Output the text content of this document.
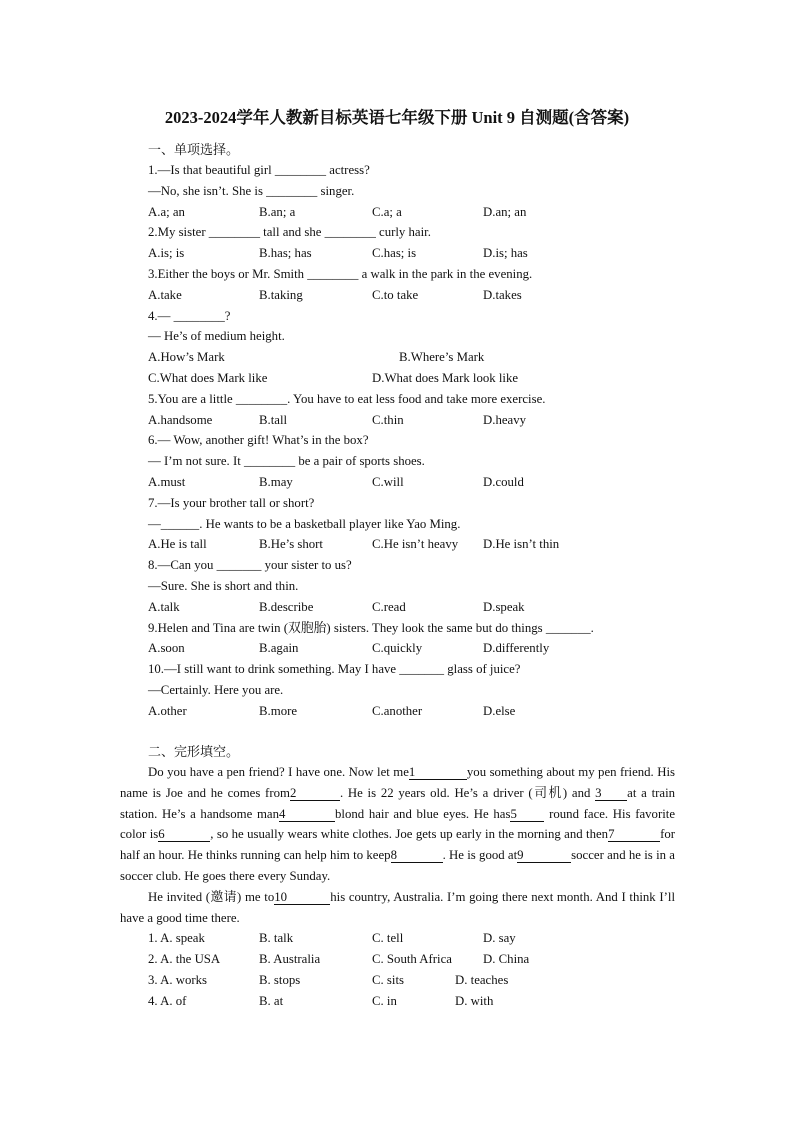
2023-2024学年人教新目标英语七年级下册 Unit 9 自测题(含答案)
一、单项选择。
1.—Is that beautiful girl ________ actress?
—No, she isn’t. She is ________ singer.
A.a; an	B.an; a	C.a; a	D.an; an
2.My sister ________ tall and she ________ curly hair.
A.is; is	B.has; has	C.has; is	D.is; has
3.Either the boys or Mr. Smith ________ a walk in the park in the evening.
A.take	B.taking	C.to take	D.takes
4.— ________?
— He’s of medium height.
A.How’s Mark	B.Where’s Mark
C.What does Mark like	D.What does Mark look like
5.You are a little ________. You have to eat less food and take more exercise.
A.handsome	B.tall	C.thin	D.heavy
6.— Wow, another gift! What’s in the box?
— I’m not sure. It ________ be a pair of sports shoes.
A.must	B.may	C.will	D.could
7.—Is your brother tall or short?
—______. He wants to be a basketball player like Yao Ming.
A.He is tall	B.He’s short	C.He isn’t heavy D.He isn’t thin
8.—Can you _______ your sister to us?
—Sure. She is short and thin.
A.talk	B.describe	C.read	D.speak
9.Helen and Tina are twin (双胞胎) sisters. They look the same but do things _______.
A.soon	B.again	C.quickly	D.differently
10.—I still want to drink something. May I have _______ glass of juice?
—Certainly. Here you are.
A.other	B.more	C.another	D.else
二、完形填空。

Do you have a pen friend? I have one. Now let me1	you something about my pen friend. His name is Joe and he comes from2	. He is 22 years old. He’s a driver (司机) and 3 at a train station. He’s a handsome man4	blond hair and blue eyes. He has5	round face. His favorite color is6	, so he usually wears white clothes. Joe gets up early in the morning and then7	for half an hour. He thinks running can help him to keep8	. He is good at9	soccer and he is in a soccer club. He goes there every Sunday.

He invited (邀请) me to10	his country, Australia. I’m going there next month. And I think I’ll have a good time there.

1. A. speak	B. talk	C. tell	D. say
2. A. the USA	B. Australia	C. South Africa D. China
3. A. works	B. stops	C. sits	D. teaches
4. A. of	B. at	C. in	D. with
